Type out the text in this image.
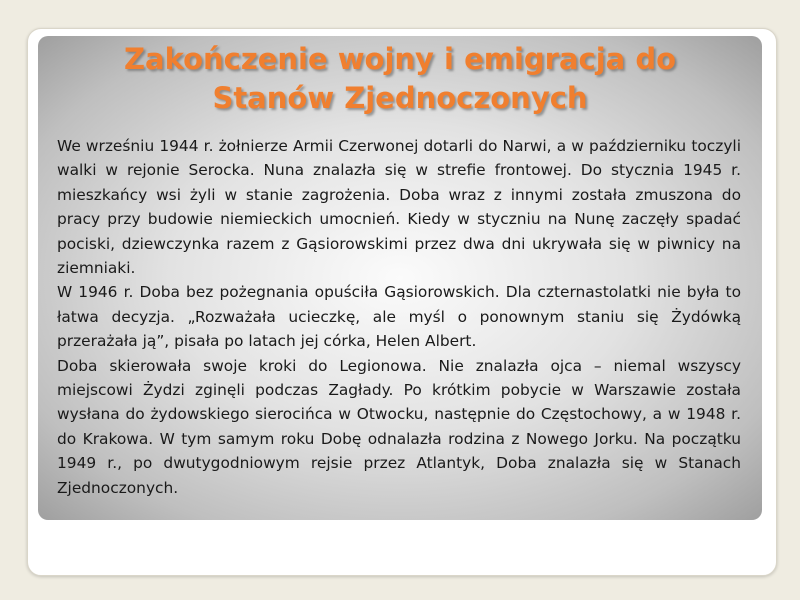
Zakończenie wojny i emigracja do
Stanów Zjednoczonych

We wrześniu 1944 r. żołnierze Armii Czerwonej dotarli do Narwi, a w październiku toczyli walki w rejonie Serocka. Nuna znalazła się w strefie frontowej. Do stycznia 1945 r. mieszkańcy wsi żyli w stanie zagrożenia. Doba wraz z innymi została zmuszona do pracy przy budowie niemieckich umocnień. Kiedy w styczniu na Nunę zaczęły spadać pociski, dziewczynka razem z Gąsiorowskimi przez dwa dni ukrywała się w piwnicy na ziemniaki.

W 1946 r. Doba bez pożegnania opuściła Gąsiorowskich. Dla czternastolatki nie była to łatwa decyzja. „Rozważała ucieczkę, ale myśl o ponownym staniu się Żydówką przerażała ją”, pisała po latach jej córka, Helen Albert.

Doba skierowała swoje kroki do Legionowa. Nie znalazła ojca – niemal wszyscy miejscowi Żydzi zginęli podczas Zagłady. Po krótkim pobycie w Warszawie została wysłana do żydowskiego sierocińca w Otwocku, następnie do Częstochowy, a w 1948 r. do Krakowa. W tym samym roku Dobę odnalazła rodzina z Nowego Jorku. Na początku 1949 r., po dwutygodniowym rejsie przez Atlantyk, Doba znalazła się w Stanach Zjednoczonych.
